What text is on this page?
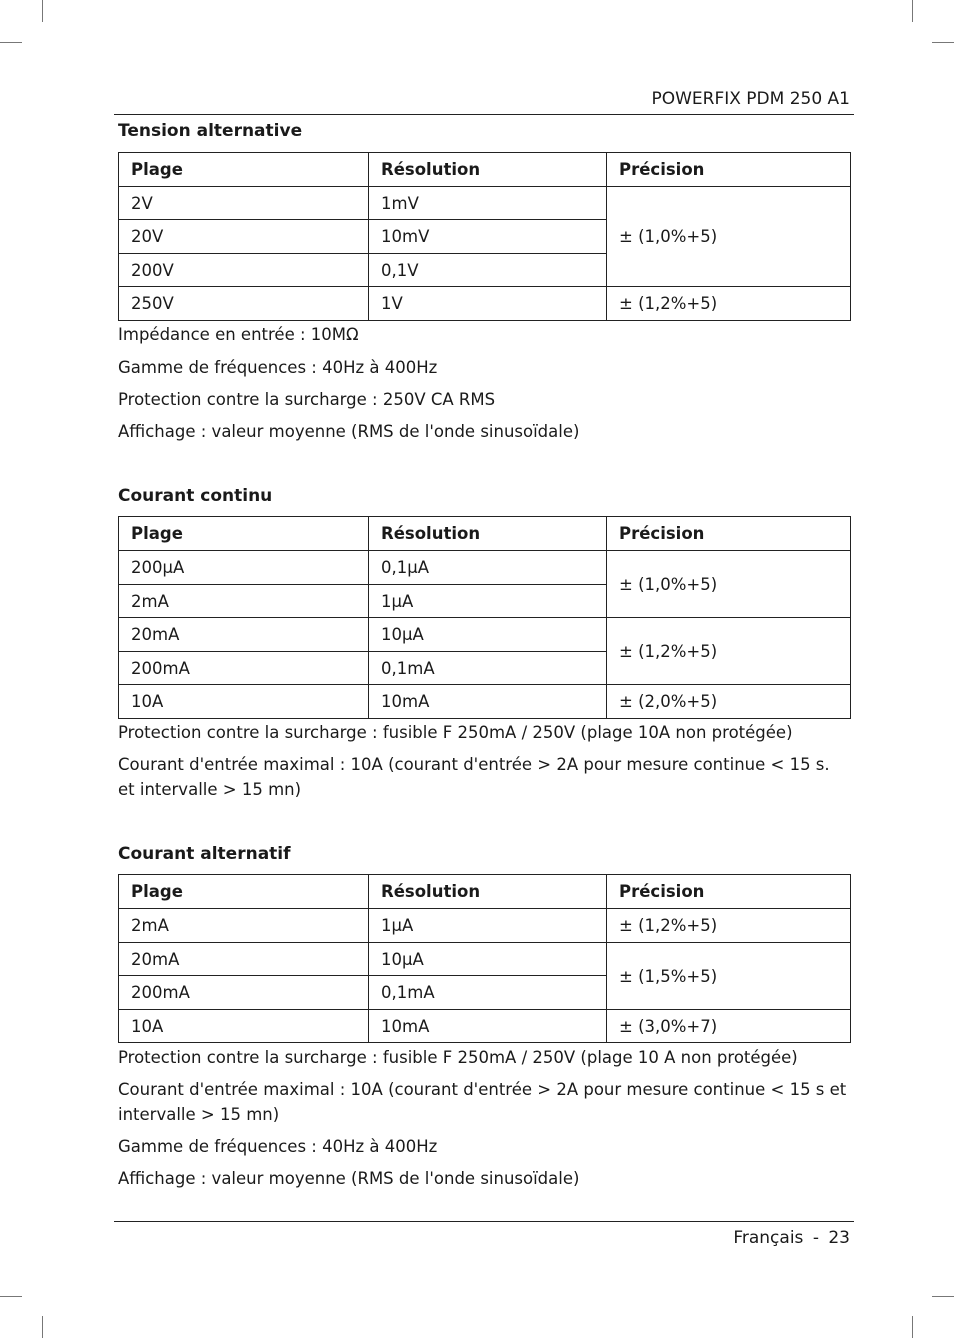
POWERFIX PDM 250 A1
Tension alternative
Plage	Résolution	Précision
2V	1mV	± (1,0%+5)
20V	10mV	
200V	0,1V	
250V	1V	± (1,2%+5)
Impédance en entrée : 10MΩ
Gamme de fréquences : 40Hz à 400Hz
Protection contre la surcharge : 250V CA RMS
Affichage : valeur moyenne (RMS de l'onde sinusoïdale)
Courant continu
Plage	Résolution	Précision
200µA	0,1µA	± (1,0%+5)
2mA	1µA	
20mA	10µA	± (1,2%+5)
200mA	0,1mA	
10A	10mA	± (2,0%+5)
Protection contre la surcharge : fusible F 250mA / 250V (plage 10A non protégée)
Courant d'entrée maximal : 10A (courant d'entrée > 2A pour mesure continue < 15 s. et intervalle > 15 mn)
Courant alternatif
Plage	Résolution	Précision
2mA	1µA	± (1,2%+5)
20mA	10µA	± (1,5%+5)
200mA	0,1mA	
10A	10mA	± (3,0%+7)
Protection contre la surcharge : fusible F 250mA / 250V (plage 10 A non protégée)
Courant d'entrée maximal : 10A (courant d'entrée > 2A pour mesure continue < 15 s et intervalle > 15 mn)
Gamme de fréquences : 40Hz à 400Hz
Affichage : valeur moyenne (RMS de l'onde sinusoïdale)
Français - 23
